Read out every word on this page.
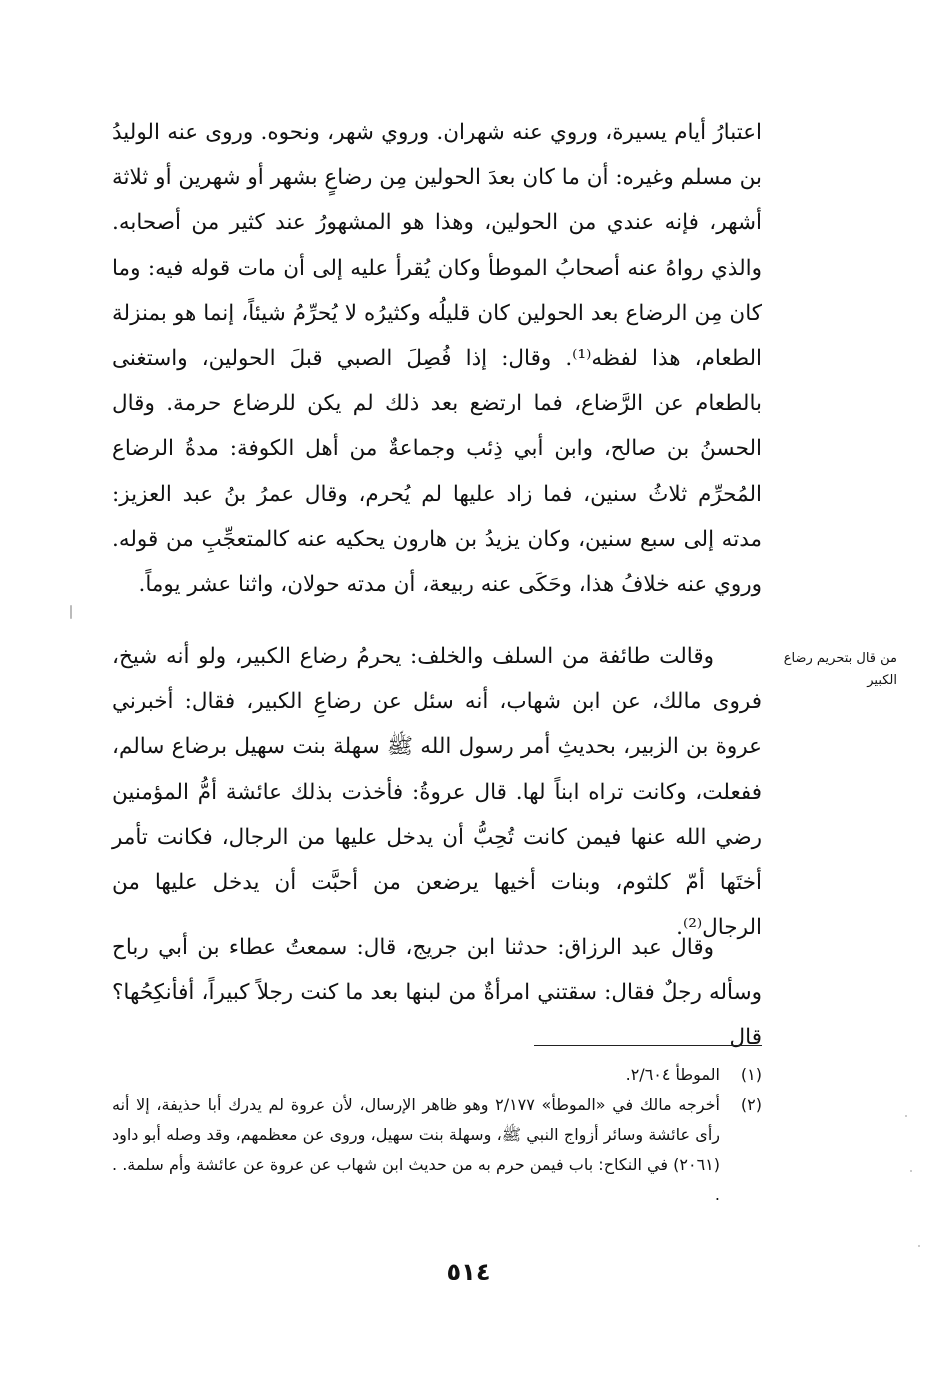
اعتبارُ أيام يسيرة، وروي عنه شهران. وروي شهر، ونحوه. وروى عنه الوليدُ بن مسلم وغيره: أن ما كان بعدَ الحولين مِن رضاعٍ بشهر أو شهرين أو ثلاثة أشهر، فإنه عندي من الحولين، وهذا هو المشهورُ عند كثير من أصحابه. والذي رواهُ عنه أصحابُ الموطأ وكان يُقرأ عليه إلى أن مات قوله فيه: وما كان مِن الرضاع بعد الحولين كان قليلُه وكثيرُه لا يُحرِّمُ شيئاً، إنما هو بمنزلة الطعام، هذا لفظه⁽¹⁾. وقال: إذا فُصِلَ الصبي قبلَ الحولين، واستغنى بالطعام عن الرَّضاع، فما ارتضع بعد ذلك لم يكن للرضاع حرمة. وقال الحسنُ بن صالح، وابن أبي ذِئب وجماعةٌ من أهل الكوفة: مدةُ الرضاع المُحرِّم ثلاثُ سنين، فما زاد عليها لم يُحرم، وقال عمرُ بنُ عبد العزيز: مدته إلى سبع سنين، وكان يزيدُ بن هارون يحكيه عنه كالمتعجِّبِ من قوله. وروي عنه خلافُ هذا، وحَكَى عنه ربيعة، أن مدته حولان، واثنا عشر يوماً.

من قال بتحريم رضاع الكبير

وقالت طائفة من السلف والخلف: يحرمُ رضاع الكبير، ولو أنه شيخ، فروى مالك، عن ابن شهاب، أنه سئل عن رضاعِ الكبير، فقال: أخبرني عروة بن الزبير، بحديثِ أمر رسول الله ﷺ سهلة بنت سهيل برضاع سالم، ففعلت، وكانت تراه ابناً لها. قال عروةُ: فأخذت بذلك عائشة أمُّ المؤمنين رضي الله عنها فيمن كانت تُحِبُّ أن يدخل عليها من الرجال، فكانت تأمر أختَها أمّ كلثوم، وبنات أخيها يرضعن من أحبَّت أن يدخل عليها من الرجال⁽²⁾.

وقال عبد الرزاق: حدثنا ابن جريج، قال: سمعتُ عطاء بن أبي رباح وسأله رجلٌ فقال: سقتني امرأةٌ من لبنها بعد ما كنت رجلاً كبيراً، أفأنكِحُها؟ قال

(١)
الموطأ ٢/٦٠٤.
(٢)
أخرجه مالك في «الموطأ» ٢/١٧٧ وهو ظاهر الإرسال، لأن عروة لم يدرك أبا حذيفة، إلا أنه رأى عائشة وسائر أزواج النبي ﷺ، وسهلة بنت سهيل، وروى عن معظمهم، وقد وصله أبو داود (٢٠٦١) في النكاح: باب فيمن حرم به من حديث ابن شهاب عن عروة عن عائشة وأم سلمة. . .
٥١٤
